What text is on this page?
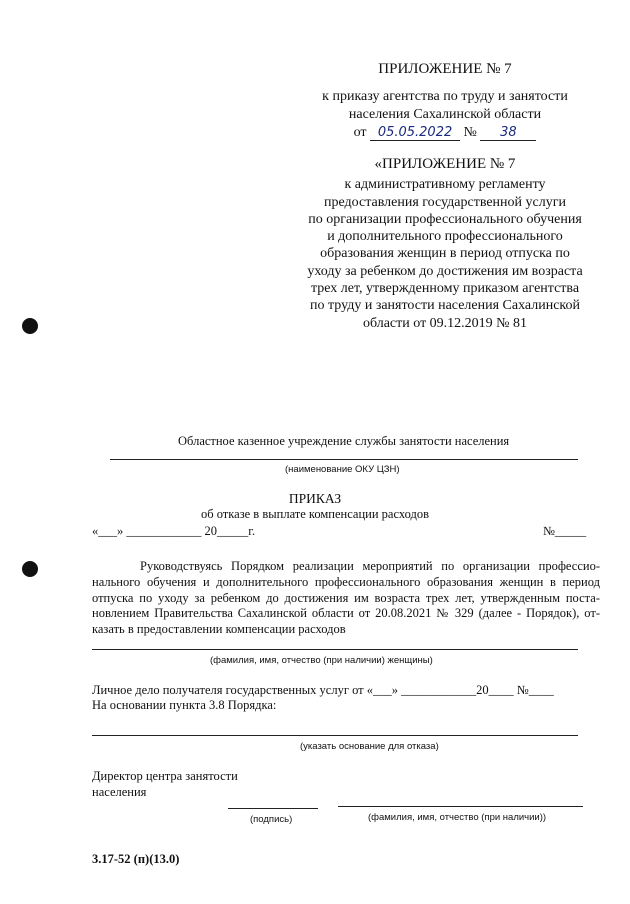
ПРИЛОЖЕНИЕ № 7
к приказу агентства по труду и занятости
населения Сахалинской области
от 05.05.2022 № 38
«ПРИЛОЖЕНИЕ № 7
к административному регламенту
предоставления государственной услуги
по организации профессионального обучения
и дополнительного профессионального
образования женщин в период отпуска по
уходу за ребенком до достижения им возраста
трех лет, утвержденному приказом агентства
по труду и занятости населения Сахалинской
области от 09.12.2019 № 81
Областное казенное учреждение службы занятости населения
(наименование ОКУ ЦЗН)
ПРИКАЗ
об отказе в выплате компенсации расходов
«___» ____________ 20_____г.	№_____

Руководствуясь Порядком реализации мероприятий по организации профессио-

нального обучения и дополнительного профессионального образования женщин в период

отпуска по уходу за ребенком до достижения им возраста трех лет, утвержденным поста-

новлением Правительства Сахалинской области от 20.08.2021 № 329 (далее - Порядок), от-

казать в предоставлении компенсации расходов

(фамилия, имя, отчество (при наличии) женщины)
Личное дело получателя государственных услуг от «___» ____________20____ №____
На основании пункта 3.8 Порядка:
(указать основание для отказа)
Директор центра занятости населения
(подпись)	(фамилия, имя, отчество (при наличии))
3.17-52 (п)(13.0)
